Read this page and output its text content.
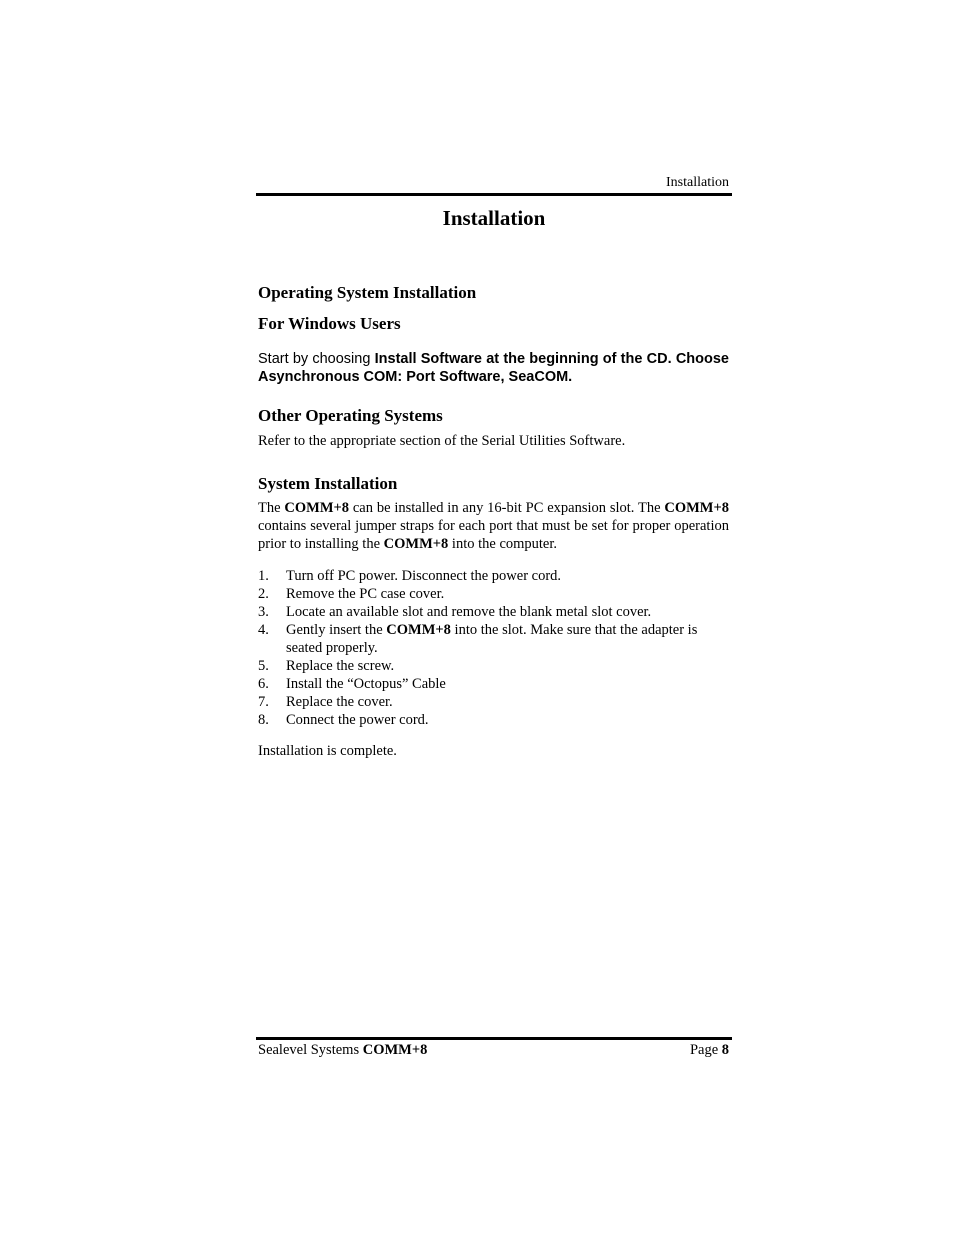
Installation
Installation
Operating System Installation
For Windows Users
Start by choosing Install Software at the beginning of the CD. Choose Asynchronous COM: Port Software, SeaCOM.
Other Operating Systems
Refer to the appropriate section of the Serial Utilities Software.
System Installation
The COMM+8 can be installed in any 16-bit PC expansion slot. The COMM+8 contains several jumper straps for each port that must be set for proper operation prior to installing the COMM+8 into the computer.
1. Turn off PC power. Disconnect the power cord.
2. Remove the PC case cover.
3. Locate an available slot and remove the blank metal slot cover.
4. Gently insert the COMM+8 into the slot. Make sure that the adapter is seated properly.
5. Replace the screw.
6. Install the “Octopus” Cable
7. Replace the cover.
8. Connect the power cord.
Installation is complete.
Sealevel Systems COMM+8	Page 8
